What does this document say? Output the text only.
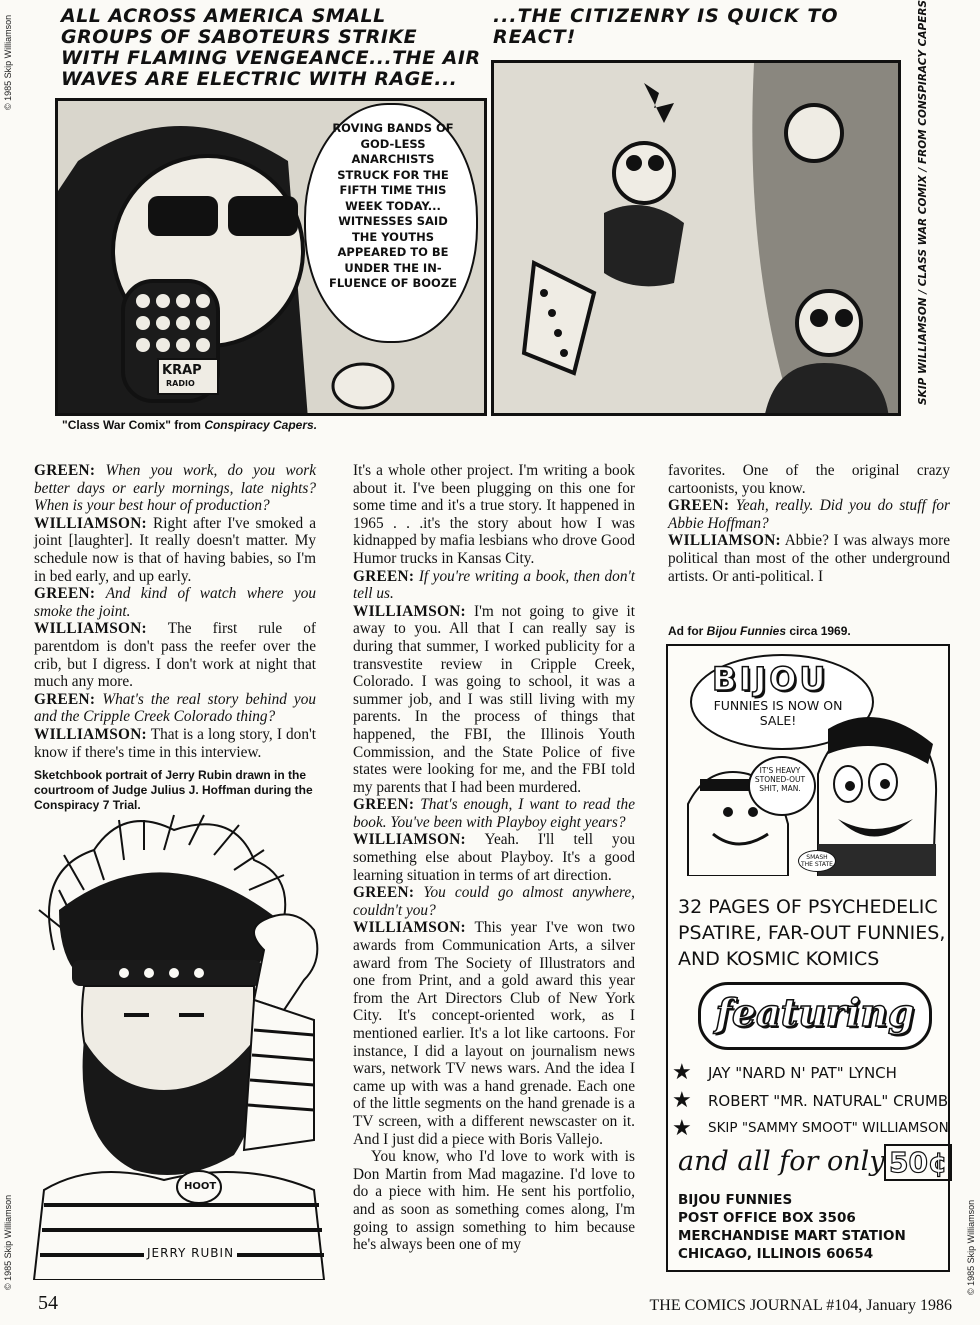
© 1985 Skip Williamson
© 1985 Skip Williamson	© 1985 Skip Williamson
ALL ACROSS AMERICA SMALL GROUPS OF SABOTEURS STRIKE WITH FLAMING VENGEANCE...THE AIR WAVES ARE ELECTRIC WITH RAGE...
KRAP
RADIO
ROVING BANDS OF GOD-LESS ANARCHISTS STRUCK FOR THE FIFTH TIME THIS WEEK TODAY... WITNESSES SAID THE YOUTHS APPEARED TO BE UNDER THE IN-FLUENCE OF BOOZE
...THE CITIZENRY IS QUICK TO REACT!	SKIP WILLIAMSON / CLASS WAR COMIX / FROM CONSPIRACY CAPERS
"Class War Comix" from Conspiracy Capers.

GREEN: When you work, do you work better days or early mornings, late nights? When is your best hour of production?

WILLIAMSON: Right after I've smoked a joint [laughter]. It really doesn't matter. My schedule now is that of having babies, so I'm in bed early, and up early.

GREEN: And kind of watch where you smoke the joint.

WILLIAMSON: The first rule of parentdom is don't pass the reefer over the crib, but I digress. I don't work at night that much any more.

GREEN: What's the real story behind you and the Cripple Creek Colorado thing?

WILLIAMSON: That is a long story, I don't know if there's time in this interview.

Sketchbook portrait of Jerry Rubin drawn in the courtroom of Judge Julius J. Hoffman during the Conspiracy 7 Trial.
HOOT
JERRY RUBIN

It's a whole other project. I'm writing a book about it. I've been plugging on this one for some time and it's a true story. It happened in 1965 . . .it's the story about how I was kidnapped by mafia lesbians who drove Good Humor trucks in Kansas City.

GREEN: If you're writing a book, then don't tell us.

WILLIAMSON: I'm not going to give it away to you. All that I can really say is during that summer, I worked publicity for a transvestite review in Cripple Creek, Colorado. I was going to school, it was a summer job, and I was still living with my parents. In the process of things that happened, the FBI, the Illinois Youth Commission, and the State Police of five states were looking for me, and the FBI told my parents that I had been murdered.

GREEN: That's enough, I want to read the book. You've been with Playboy eight years?

WILLIAMSON: Yeah. I'll tell you something else about Playboy. It's a good learning situation in terms of art direction.

GREEN: You could go almost anywhere, couldn't you?

WILLIAMSON: This year I've won two awards from Communication Arts, a silver award from The Society of Illustrators and one from Print, and a gold award this year from the Art Directors Club of New York City. It's concept-oriented work, as I mentioned earlier. It's a lot like cartoons. For instance, I did a layout on journalism news wars, network TV news wars. And the idea I came up with was a hand grenade. Each one of the little segments on the hand grenade is a TV screen, with a different newscaster on it. And I just did a piece with Boris Vallejo.

You know, who I'd love to work with is Don Martin from Mad magazine. I'd love to do a piece with him. He sent his portfolio, and as soon as something comes along, I'm going to assign something to him because he's always been one of my

favorites. One of the original crazy cartoonists, you know.

GREEN: Yeah, really. Did you do stuff for Abbie Hoffman?

WILLIAMSON: Abbie? I was always more political than most of the other underground artists. Or anti-political. I

Ad for Bijou Funnies circa 1969.
BIJOU
FUNNIES IS NOW ON SALE!
IT'S HEAVY STONED-OUT SHIT, MAN.
SMASH THE STATE
32 PAGES OF PSYCHEDELIC
PSATIRE, FAR-OUT FUNNIES,
AND KOSMIC KOMICS
featuring
★ JAY "NARD N' PAT" LYNCH
★ ROBERT "MR. NATURAL" CRUMB
★ SKIP "SAMMY SMOOT" WILLIAMSON
and all for only 50¢
BIJOU FUNNIES
POST OFFICE BOX 3506
MERCHANDISE MART STATION
CHICAGO, ILLINOIS 60654
54	THE COMICS JOURNAL #104, January 1986
